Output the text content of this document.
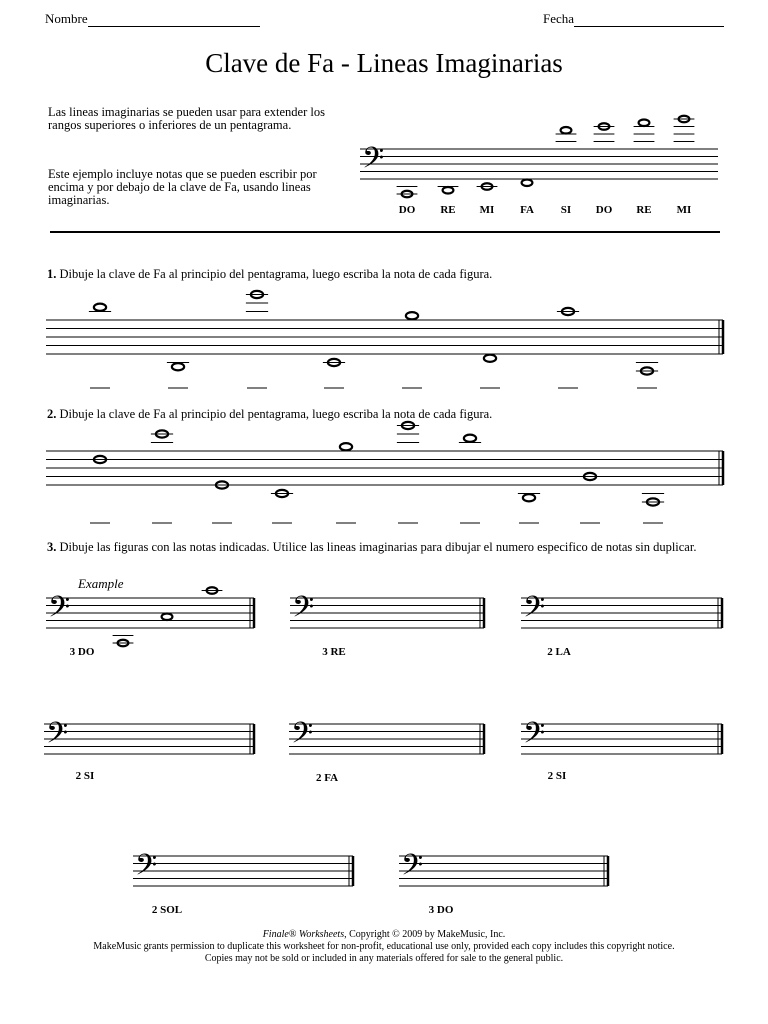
Nombre	Fecha
Clave de Fa - Lineas Imaginarias
Las lineas imaginarias se pueden usar para extender los rangos superiores o inferiores de un pentagrama.
Este ejemplo incluye notas que se pueden escribir por encima y por debajo de la clave de Fa, usando lineas imaginarias.
1. Dibuje la clave de Fa al principio del pentagrama, luego escriba la nota de cada figura.
2. Dibuje la clave de Fa al principio del pentagrama, luego escriba la nota de cada figura.
3. Dibuje las figuras con las notas indicadas. Utilice las lineas imaginarias para dibujar el numero especifico de notas sin duplicar.
Example
Finale® Worksheets, Copyright © 2009 by MakeMusic, Inc.
MakeMusic grants permission to duplicate this worksheet for non-profit, educational use only, provided each copy includes this copyright notice.
Copies may not be sold or included in any materials offered for sale to the general public.
𝄢
DO RE MI FA SI DO RE MI
𝄢
3 DO
𝄢
3 RE
𝄢
2 LA
𝄢
2 SI
𝄢
2 FA
𝄢
2 SI
𝄢
2 SOL
𝄢
3 DO
